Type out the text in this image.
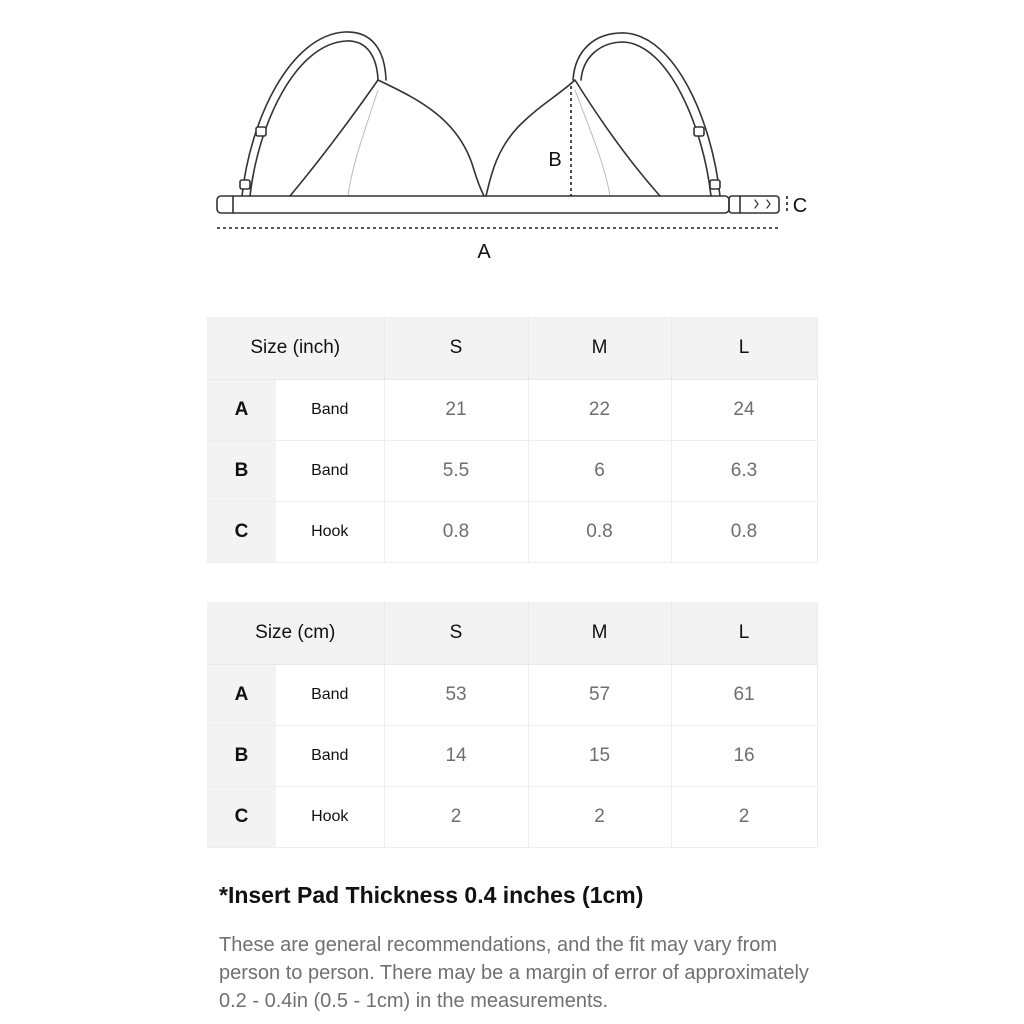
A
B
C
Size (inch)		S	M	L
A	Band	21	22	24
B	Band	5.5	6	6.3
C	Hook	0.8	0.8	0.8
Size (cm)		S	M	L
A	Band	53	57	61
B	Band	14	15	16
C	Hook	2	2	2

*Insert Pad Thickness 0.4 inches (1cm)

These are general recommendations, and the fit may vary from person to person. There may be a margin of error of approximately 0.2 - 0.4in (0.5 - 1cm) in the measurements.
